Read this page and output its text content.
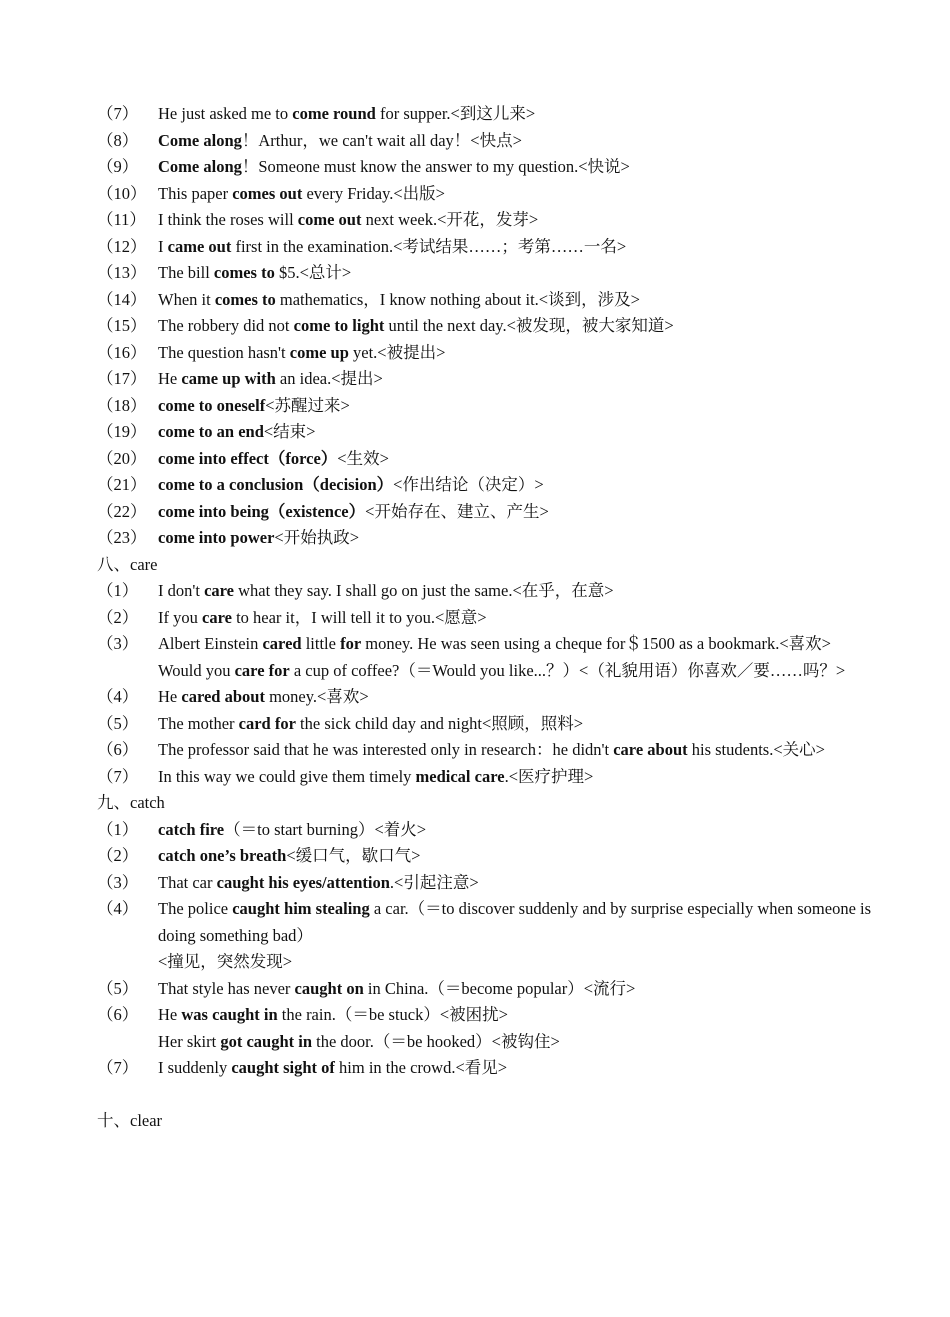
（7）	He just asked me to come round for supper.<到这儿来>
（8）	Come along！Arthur，we can't wait all day！<快点>
（9）	Come along！Someone must know the answer to my question.<快说>
（10） This paper comes out every Friday.<出版>
（11） I think the roses will come out next week.<开花，发芽>
（12） I came out first in the examination.<考试结果……；考第……一名>
（13） The bill comes to $5.<总计>
（14） When it comes to mathematics，I know nothing about it.<谈到，涉及>
（15） The robbery did not come to light until the next day.<被发现，被大家知道>
（16） The question hasn't come up yet.<被提出>
（17） He came up with an idea.<提出>
（18） come to oneself<苏醒过来>
（19） come to an end<结束>
（20） come into effect（force）<生效>
（21） come to a conclusion（decision）<作出结论（决定）>
（22） come into being（existence）<开始存在、建立、产生>
（23） come into power<开始执政>
八、care
（1）	I don't care what they say. I shall go on just the same.<在乎，在意>
（2）	If you care to hear it，I will tell it to you.<愿意>
（3）	Albert Einstein cared little for money. He was seen using a cheque for＄1500 as a bookmark.<喜欢>
Would you care for a cup of coffee?（＝Would you like...？）<（礼貌用语）你喜欢／要……吗？>
（4）	He cared about money.<喜欢>
（5）	The mother card for the sick child day and night<照顾，照料>
（6）	The professor said that he was interested only in research：he didn't care about his students.<关心>
（7）	In this way we could give them timely medical care.<医疗护理>
九、catch
（1）	catch fire（＝to start burning）<着火>
（2）	catch one’s breath<缓口气，歇口气>
（3）	That car caught his eyes/attention.<引起注意>
（4）	The police caught him stealing a car.（＝to discover suddenly and by surprise especially when someone is doing something bad）
<撞见，突然发现>
（5）	That style has never caught on in China.（＝become popular）<流行>
（6）	He was caught in the rain.（＝be stuck）<被困扰>
Her skirt got caught in the door.（＝be hooked）<被钩住>
（7）	I suddenly caught sight of him in the crowd.<看见>
十、clear
